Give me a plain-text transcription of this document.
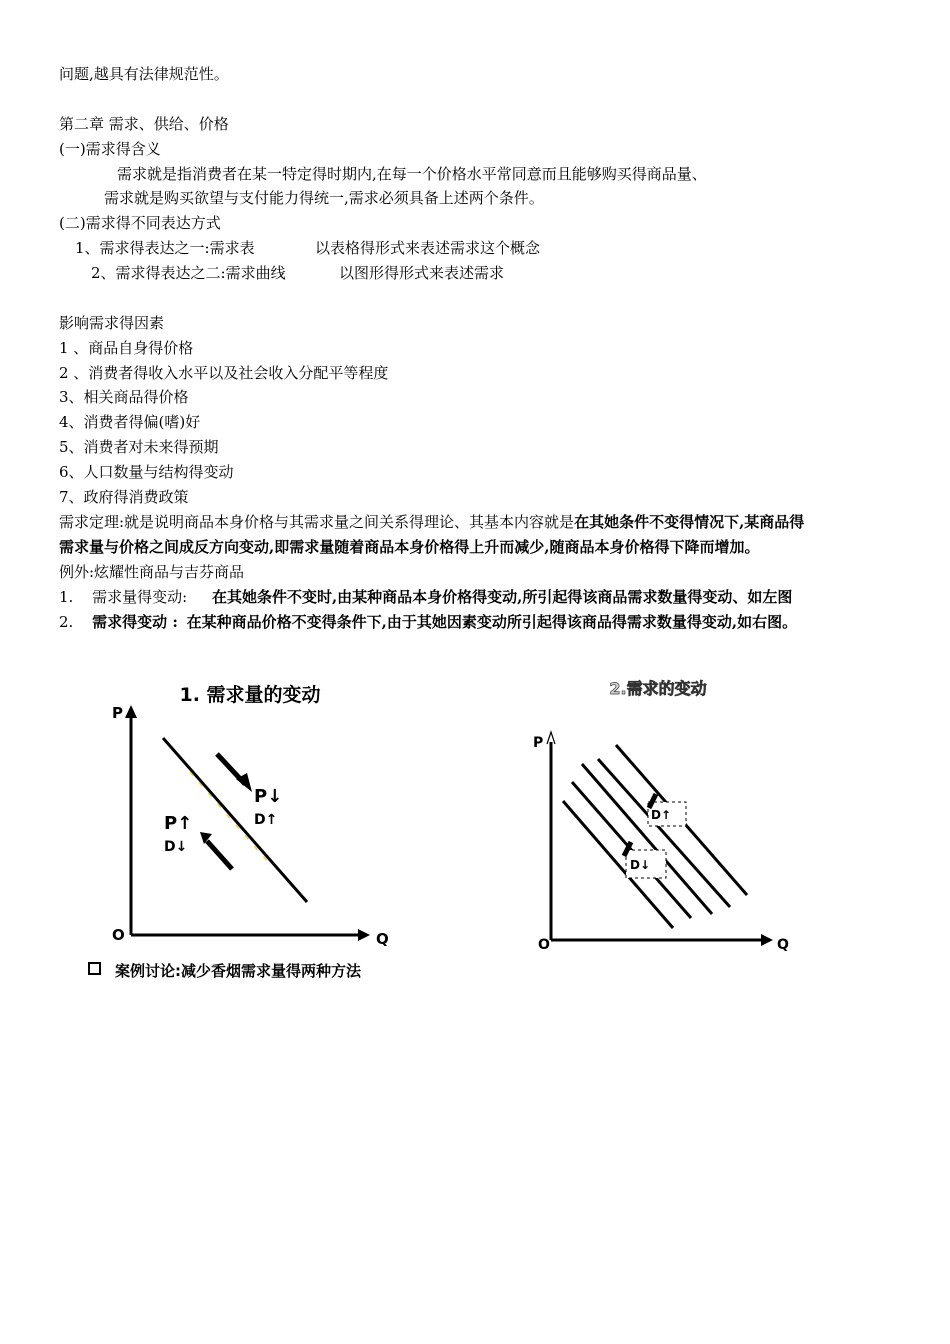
问题,越具有法律规范性。
第二章 需求、供给、价格
(一)需求得含义
需求就是指消费者在某一特定得时期内,在每一个价格水平常同意而且能够购买得商品量、
需求就是购买欲望与支付能力得统一,需求必须具备上述两个条件。
(二)需求得不同表达方式
1、需求得表达之一:需求表	以表格得形式来表述需求这个概念
2、需求得表达之二:需求曲线	以图形得形式来表述需求
影响需求得因素
1 、商品自身得价格
2 、消费者得收入水平以及社会收入分配平等程度
3、相关商品得价格
4、消费者得偏(嗜)好
5、消费者对未来得预期
6、人口数量与结构得变动
7、政府得消费政策
需求定理:就是说明商品本身价格与其需求量之间关系得理论、其基本内容就是在其她条件不变得情况下,某商品得
需求量与价格之间成反方向变动,即需求量随着商品本身价格得上升而减少,随商品本身价格得下降而增加。
例外:炫耀性商品与吉芬商品
1. 需求量得变动: 在其她条件不变时,由某种商品本身价格得变动,所引起得该商品需求数量得变动、如左图
2. 需求得变动 : 在某种商品价格不变得条件下,由于其她因素变动所引起得该商品得需求数量得变动,如右图。
1. 需求量的变动
P
Q
O
P↓
D↑
P↑
D↓
2.需求的变动
P
Q
O
D↑
D↓
案例讨论:减少香烟需求量得两种方法
